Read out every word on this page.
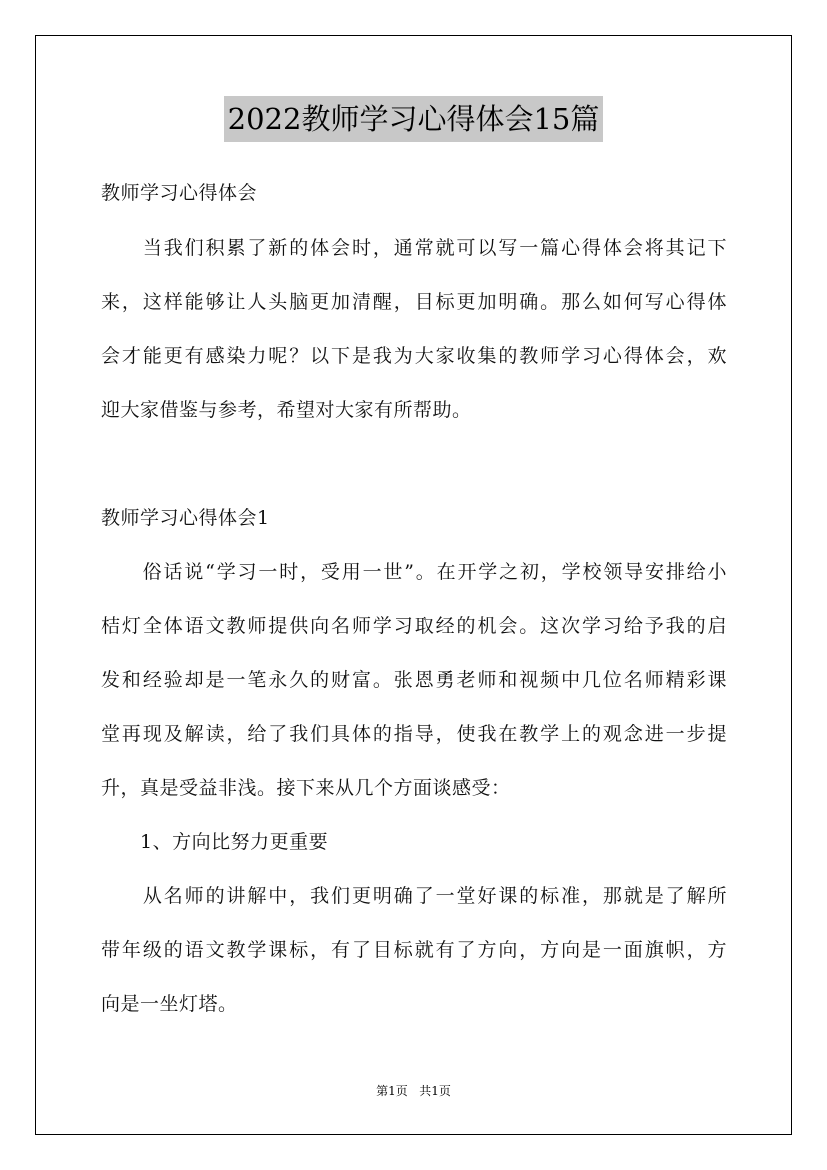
2022教师学习心得体会15篇
教师学习心得体会
　　当我们积累了新的体会时，通常就可以写一篇心得体会将其记下
来，这样能够让人头脑更加清醒，目标更加明确。那么如何写心得体
会才能更有感染力呢？以下是我为大家收集的教师学习心得体会，欢
迎大家借鉴与参考，希望对大家有所帮助。
教师学习心得体会1
　　俗话说“学习一时，受用一世”。在开学之初，学校领导安排给小
桔灯全体语文教师提供向名师学习取经的机会。这次学习给予我的启
发和经验却是一笔永久的财富。张恩勇老师和视频中几位名师精彩课
堂再现及解读，给了我们具体的指导，使我在教学上的观念进一步提
升，真是受益非浅。接下来从几个方面谈感受：
　　1、方向比努力更重要
　　从名师的讲解中，我们更明确了一堂好课的标准，那就是了解所
带年级的语文教学课标，有了目标就有了方向，方向是一面旗帜，方
向是一坐灯塔。
第1页 共1页
